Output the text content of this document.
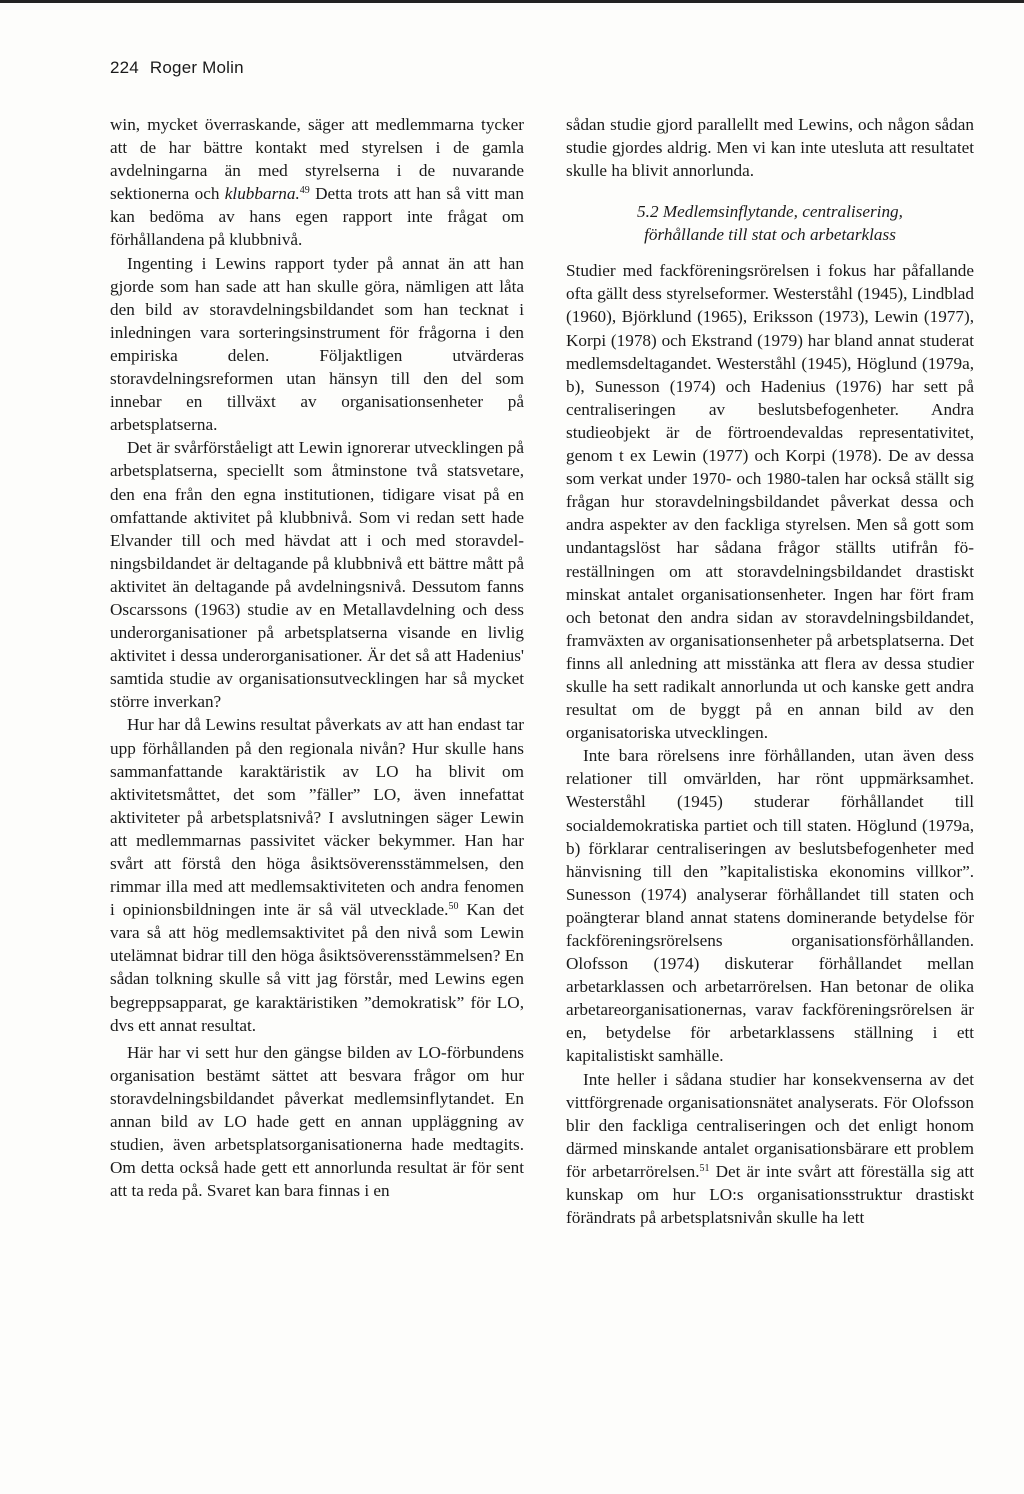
224 Roger Molin

win, mycket överraskande, säger att medlemmarna tycker att de har bättre kontakt med styrelsen i de gamla avdelningarna än med styrelserna i de nuvarande sektionerna och klubbarna.$^{49}$ Detta trots att han så vitt man kan bedöma av hans egen rapport inte frågat om förhållandena på klubbnivå.

Ingenting i Lewins rapport tyder på annat än att han gjorde som han sade att han skulle göra, nämligen att låta den bild av storavdelningsbildandet som han tecknat i inledningen vara sorteringsinstrument för frågorna i den empiriska delen. Följaktligen utvärderas storavdelningsreformen utan hänsyn till den del som innebar en tillväxt av organisationsenheter på arbetsplatserna.

Det är svårförståeligt att Lewin ignorerar utvecklingen på arbetsplatserna, speciellt som åtminstone två statsvetare, den ena från den egna institutionen, tidigare visat på en omfattande aktivitet på klubbnivå. Som vi redan sett hade Elvander till och med hävdat att i och med storavdelningsbildandet är deltagande på klubbnivå ett bättre mått på aktivitet än deltagande på avdelningsnivå. Dessutom fanns Oscarssons (1963) studie av en Metallavdelning och dess underorganisationer på arbetsplatserna visande en livlig aktivitet i dessa underorganisationer. Är det så att Hadenius' samtida studie av organisationsutvecklingen har så mycket större inverkan?

Hur har då Lewins resultat påverkats av att han endast tar upp förhållanden på den regionala nivån? Hur skulle hans sammanfattande karaktäristik av LO ha blivit om aktivitetsmåttet, det som ”fäller” LO, även innefattat aktiviteter på arbetsplatsnivå? I avslutningen säger Lewin att medlemmarnas passivitet väcker bekymmer. Han har svårt att förstå den höga åsiktsöverensstämmelsen, den rimmar illa med att medlemsaktiviteten och andra fenomen i opinionsbildningen inte är så väl utvecklade.$^{50}$ Kan det vara så att hög medlemsaktivitet på den nivå som Lewin utelämnat bidrar till den höga åsiktsöverensstämmelsen? En sådan tolkning skulle så vitt jag förstår, med Lewins egen begreppsapparat, ge karaktäristiken ”demokratisk” för LO, dvs ett annat resultat.

Här har vi sett hur den gängse bilden av LO-förbundens organisation bestämt sättet att besvara frågor om hur storavdelningsbildandet påverkat medlemsinflytandet. En annan bild av LO hade gett en annan uppläggning av studien, även arbetsplatsorganisationerna hade medtagits. Om detta också hade gett ett annorlunda resultat är för sent att ta reda på. Svaret kan bara finnas i en

sådan studie gjord parallellt med Lewins, och någon sådan studie gjordes aldrig. Men vi kan inte utesluta att resultatet skulle ha blivit annorlunda.

5.2 Medlemsinflytande, centralisering,
förhållande till stat och arbetarklass

Studier med fackföreningsrörelsen i fokus har påfallande ofta gällt dess styrelseformer. Westerståhl (1945), Lindblad (1960), Björklund (1965), Eriksson (1973), Lewin (1977), Korpi (1978) och Ekstrand (1979) har bland annat studerat medlemsdeltagandet. Westerståhl (1945), Höglund (1979a, b), Sunesson (1974) och Hadenius (1976) har sett på centraliseringen av beslutsbefogenheter. Andra studieobjekt är de förtroendevaldas representativitet, genom t ex Lewin (1977) och Korpi (1978). De av dessa som verkat under 1970- och 1980-talen har också ställt sig frågan hur storavdelningsbildandet påverkat dessa och andra aspekter av den fackliga styrelsen. Men så gott som undantagslöst har sådana frågor ställts utifrån föreställningen om att storavdelningsbildandet drastiskt minskat antalet organisationsenheter. Ingen har fört fram och betonat den andra sidan av storavdelningsbildandet, framväxten av organisationsenheter på arbetsplatserna. Det finns all anledning att misstänka att flera av dessa studier skulle ha sett radikalt annorlunda ut och kanske gett andra resultat om de byggt på en annan bild av den organisatoriska utvecklingen.

Inte bara rörelsens inre förhållanden, utan även dess relationer till omvärlden, har rönt uppmärksamhet. Westerståhl (1945) studerar förhållandet till socialdemokratiska partiet och till staten. Höglund (1979a, b) förklarar centraliseringen av beslutsbefogenheter med hänvisning till den ”kapitalistiska ekonomins villkor”. Sunesson (1974) analyserar förhållandet till staten och poängterar bland annat statens dominerande betydelse för fackföreningsrörelsens organisationsförhållanden. Olofsson (1974) diskuterar förhållandet mellan arbetarklassen och arbetarrörelsen. Han betonar de olika arbetareorganisationernas, varav fackföreningsrörelsen är en, betydelse för arbetarklassens ställning i ett kapitalistiskt samhälle.

Inte heller i sådana studier har konsekvenserna av det vittförgrenade organisationsnätet analyserats. För Olofsson blir den fackliga centraliseringen och det enligt honom därmed minskande antalet organisationsbärare ett problem för arbetarrörelsen.$^{51}$ Det är inte svårt att föreställa sig att kunskap om hur LO:s organisationsstruktur drastiskt förändrats på arbetsplatsnivån skulle ha lett
